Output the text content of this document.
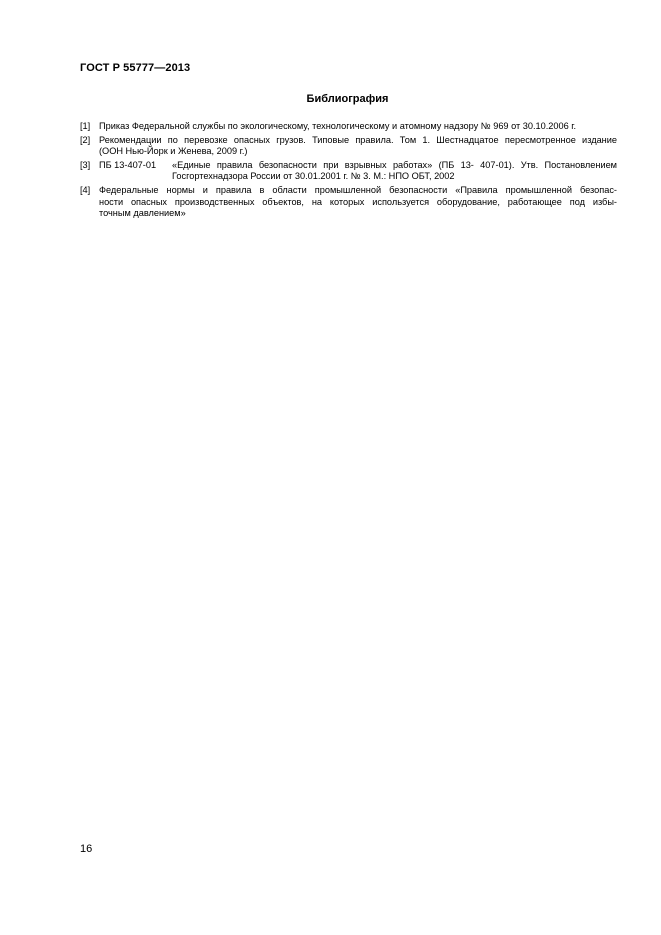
ГОСТ Р 55777—2013
Библиография
[1] Приказ Федеральной службы по экологическому, технологическому и атомному надзору № 969 от 30.10.2006 г.
[2] Рекомендации по перевозке опасных грузов. Типовые правила. Том 1. Шестнадцатое пересмотренное издание
(ООН Нью-Йорк и Женева, 2009 г.)
[3] ПБ 13-407-01	«Единые правила безопасности при взрывных работах» (ПБ 13- 407-01). Утв. Постановлением
Госгортехнадзора России от 30.01.2001 г. № 3. М.: НПО ОБТ, 2002
[4] Федеральные нормы и правила в области промышленной безопасности «Правила промышленной безопас-
ности опасных производственных объектов, на которых используется оборудование, работающее под избы-
точным давлением»
16
